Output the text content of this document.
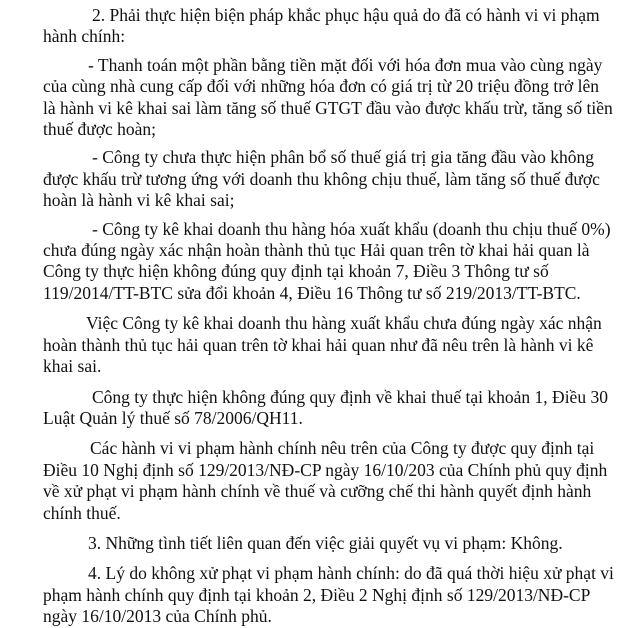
2. Phải thực hiện biện pháp khắc phục hậu quả do đã có hành vi vi phạm
hành chính:
- Thanh toán một phần bằng tiền mặt đối với hóa đơn mua vào cùng ngày
của cùng nhà cung cấp đối với những hóa đơn có giá trị từ 20 triệu đồng trở lên
là hành vi kê khai sai làm tăng số thuế GTGT đầu vào được khấu trừ, tăng số tiền
thuế được hoàn;
- Công ty chưa thực hiện phân bổ số thuế giá trị gia tăng đầu vào không
được khấu trừ tương ứng với doanh thu không chịu thuế, làm tăng số thuế được
hoàn là hành vi kê khai sai;
- Công ty kê khai doanh thu hàng hóa xuất khẩu (doanh thu chịu thuế 0%)
chưa đúng ngày xác nhận hoàn thành thủ tục Hải quan trên tờ khai hải quan là
Công ty thực hiện không đúng quy định tại khoản 7, Điều 3 Thông tư số
119/2014/TT-BTC sửa đổi khoản 4, Điều 16 Thông tư số 219/2013/TT-BTC.
Việc Công ty kê khai doanh thu hàng xuất khẩu chưa đúng ngày xác nhận
hoàn thành thủ tục hải quan trên tờ khai hải quan như đã nêu trên là hành vi kê
khai sai.
Công ty thực hiện không đúng quy định về khai thuế tại khoản 1, Điều 30
Luật Quản lý thuế số 78/2006/QH11.
Các hành vi vi phạm hành chính nêu trên của Công ty được quy định tại
Điều 10 Nghị định số 129/2013/NĐ-CP ngày 16/10/203 của Chính phủ quy định
về xử phạt vi phạm hành chính về thuế và cưỡng chế thi hành quyết định hành
chính thuế.
3. Những tình tiết liên quan đến việc giải quyết vụ vi phạm: Không.
4. Lý do không xử phạt vi phạm hành chính: do đã quá thời hiệu xử phạt vi
phạm hành chính quy định tại khoản 2, Điều 2 Nghị định số 129/2013/NĐ-CP
ngày 16/10/2013 của Chính phủ.
